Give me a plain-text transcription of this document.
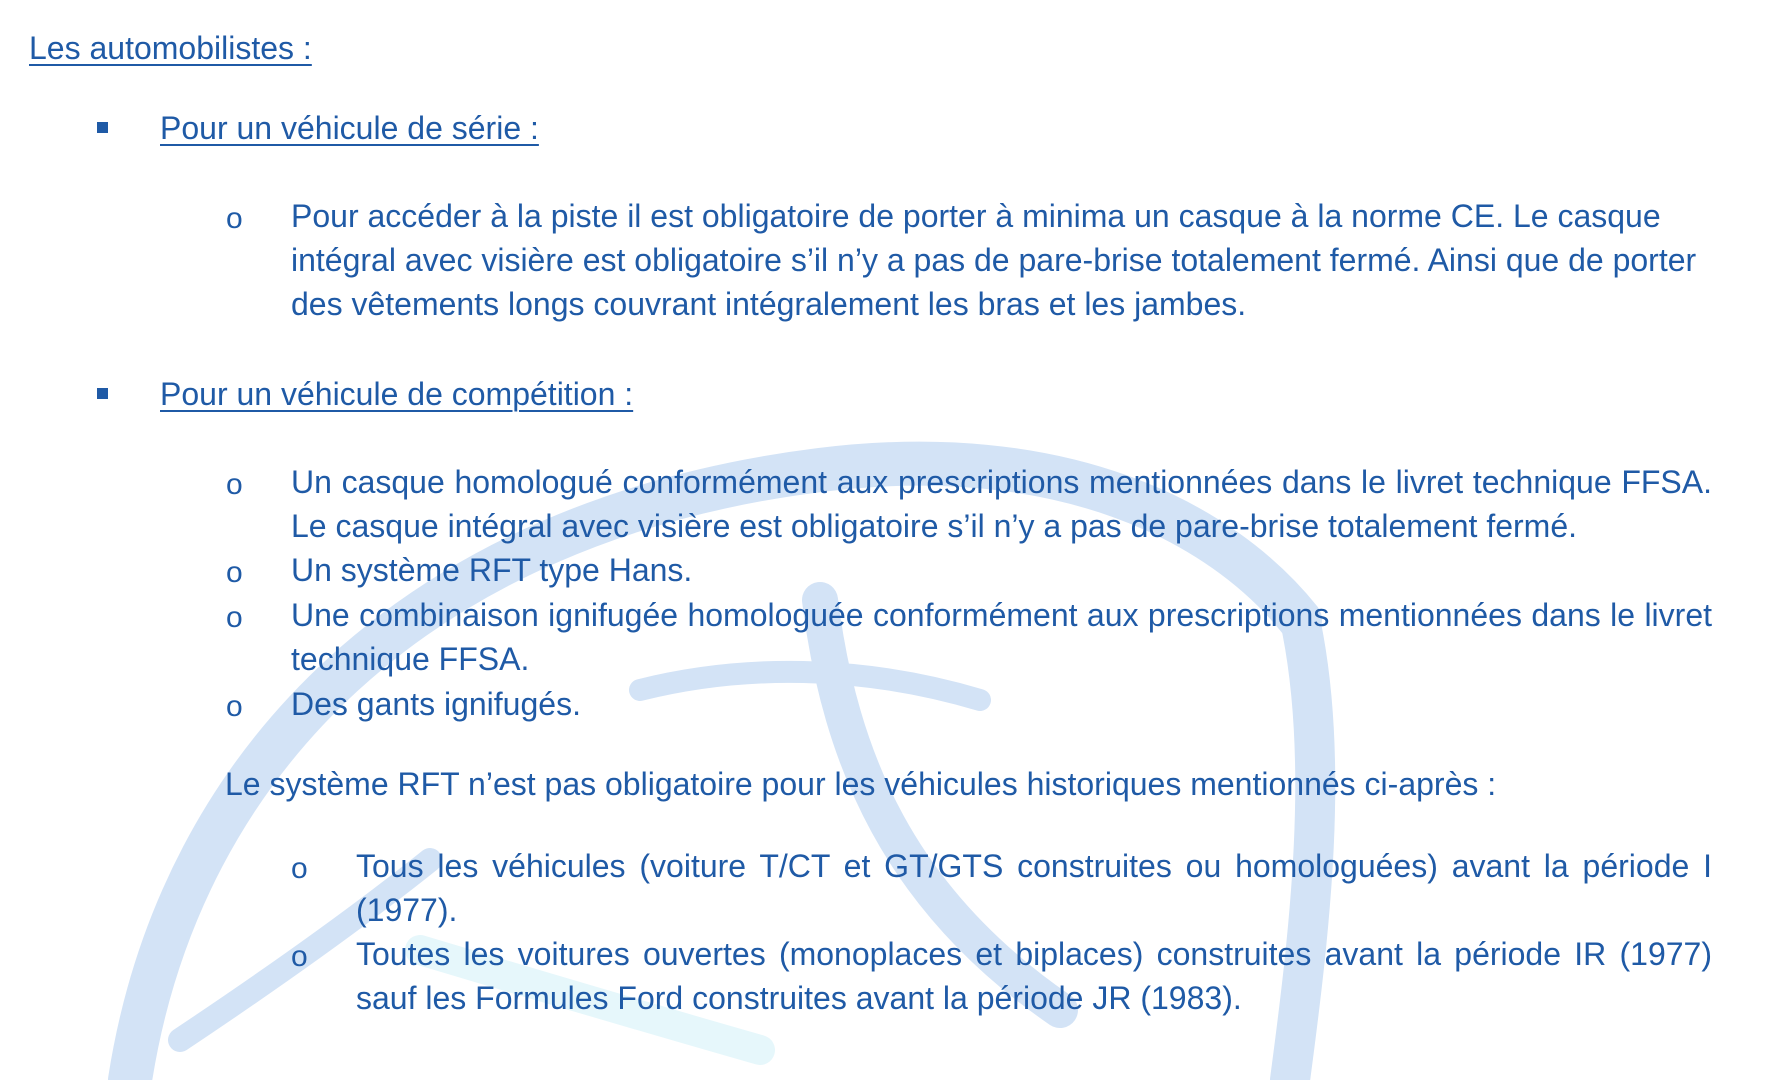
Les automobilistes :
Pour un véhicule de série :
o Pour accéder à la piste il est obligatoire de porter à minima un casque à la norme CE. Le casque intégral avec visière est obligatoire s’il n’y a pas de pare-brise totalement fermé. Ainsi que de porter des vêtements longs couvrant intégralement les bras et les jambes.
Pour un véhicule de compétition :
o Un casque homologué conformément aux prescriptions mentionnées dans le livret technique FFSA. Le casque intégral avec visière est obligatoire s’il n’y a pas de pare-brise totalement fermé.
o Un système RFT type Hans.
o Une combinaison ignifugée homologuée conformément aux prescriptions mentionnées dans le livret technique FFSA.
o Des gants ignifugés.
Le système RFT n’est pas obligatoire pour les véhicules historiques mentionnés ci-après :
o Tous les véhicules (voiture T/CT et GT/GTS construites ou homologuées) avant la période I (1977).
o Toutes les voitures ouvertes (monoplaces et biplaces) construites avant la période IR (1977) sauf les Formules Ford construites avant la période JR (1983).
